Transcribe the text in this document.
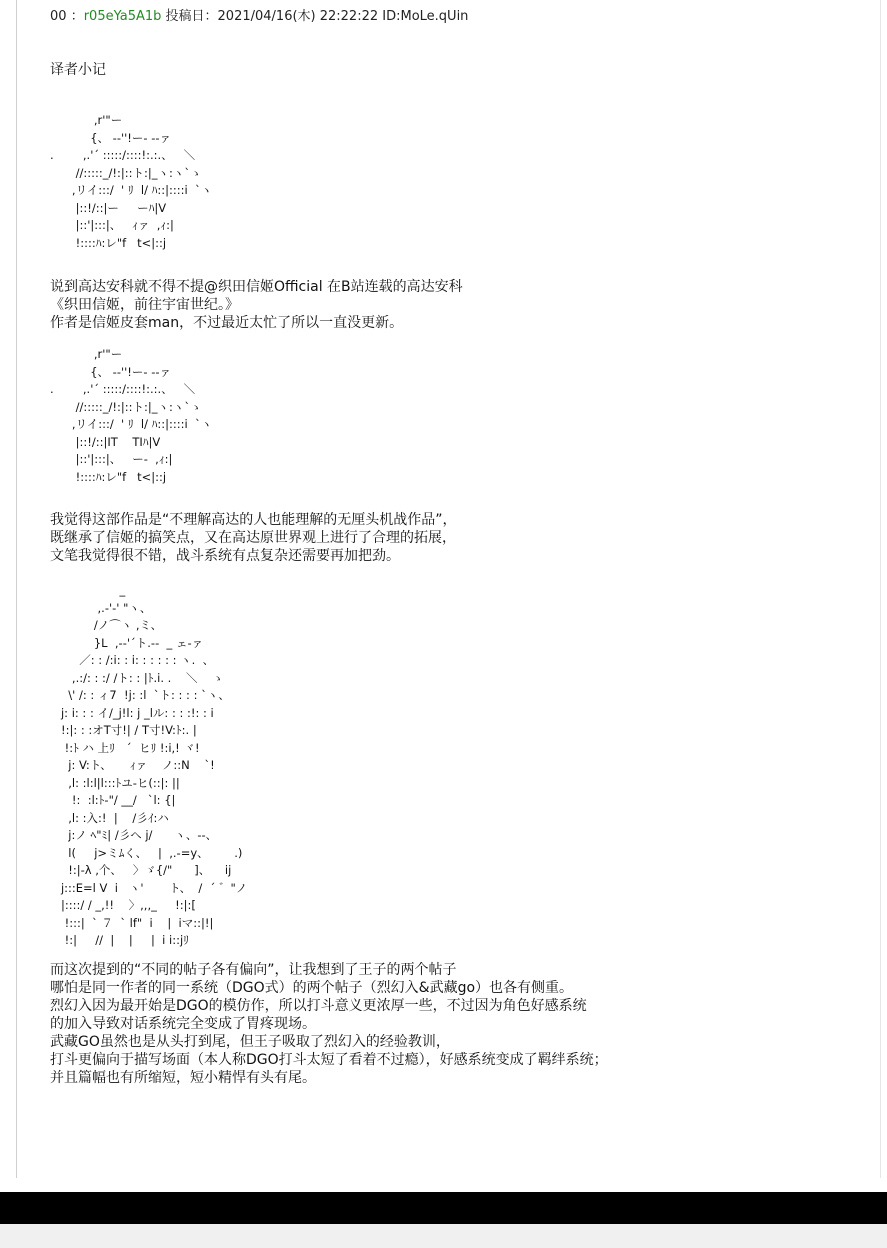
00 ：r05eYa5A1b 投稿日：2021/04/16(木) 22:22:22 ID:MoLe.qUin
译者小记
,r'"ー
{、 -‐''!ー- -‐ァ
.        ,.'´ :::::/::::!:.:.、   ＼
//:::::_/!:|::ト:|_ヽ:ヽ`ゝ
,リイ:::/  ' ﾘ  l/ ﾊ::|::::i  `ヽ
|::!/::|ー     ーﾊ|V
|::'|:::|、   ｨァ  ,ｨ:|
!::::ﾊ:レ"f   t<|::j
说到高达安科就不得不提@织田信姬Official 在B站连载的高达安科
《织田信姬，前往宇宙世纪。》
作者是信姬皮套man，不过最近太忙了所以一直没更新。
,r'"ー
{、 -‐''!ー- -‐ァ
.        ,.'´ :::::/::::!:.:.、   ＼
//:::::_/!:|::ト:|_ヽ:ヽ`ゝ
,リイ:::/  ' ﾘ  l/ ﾊ::|::::i  `ヽ
|::!/::|ΙT    TΙﾊ|V
|::'|:::|、   ー-  ,ｨ:|
!::::ﾊ:レ"f   t<|::j
我觉得这部作品是“不理解高达的人也能理解的无厘头机战作品”，
既继承了信姬的搞笑点，又在高达原世界观上进行了合理的拓展，
文笔我觉得很不错，战斗系统有点复杂还需要再加把劲。
_
,.-'‐' "ヽ、
/ノ⌒ヽ ,ミ、
}L  ,-‐'´ト.‐-  _ ェ-ァ
／: : /:i: : i: : : : : : ヽ.  、
,.:/: : :/ /ト: : |ﾄ.i. .    ＼    ゝ
\' /: : ィ7  !j: :l  `ト: : : : `ヽ、
j: i: : : イ/_j!l: j _lル: : : :!: : i
!:|: : :オT寸!| / T寸!V:ﾄ:. |
!:ﾄ ハ 上ﾘ   ´  ヒﾘ !:i,! ヾ!
j: V:ト、     ｨァ    ノ::N    `!
,l: :l:l|l:::ﾄユ-ヒ(::|: ||
!:  :l:ﾄ‐"/ __/   `l: {|
,l: :入:!  |    /彡ｲ:ハ
j:ノ ﾍ"ﾐ| /彡へ j/      ヽ、-‐、
l(     j>ミﾑく、   |  ,.-=y、       .)
!:|‐λ ,个、   〉ゞ{/"      ]、    ij
j:::E=l V  i   ヽ'       ト、  /  ´ ゛"ノ
|::::/ / _,!!    〉,,,_     !:|:[
!:::|  ` ７  ` lf"  i    |  iマ::|!|
!:|     //  |    |     |  i i::jﾘ
而这次提到的“不同的帖子各有偏向”，让我想到了王子的两个帖子
哪怕是同一作者的同一系统（DGO式）的两个帖子（烈幻入&武藏go）也各有侧重。
烈幻入因为最开始是DGO的模仿作，所以打斗意义更浓厚一些，不过因为角色好感系统
的加入导致对话系统完全变成了胃疼现场。
武藏GO虽然也是从头打到尾，但王子吸取了烈幻入的经验教训，
打斗更偏向于描写场面（本人称DGO打斗太短了看着不过瘾），好感系统变成了羁绊系统；
并且篇幅也有所缩短，短小精悍有头有尾。
